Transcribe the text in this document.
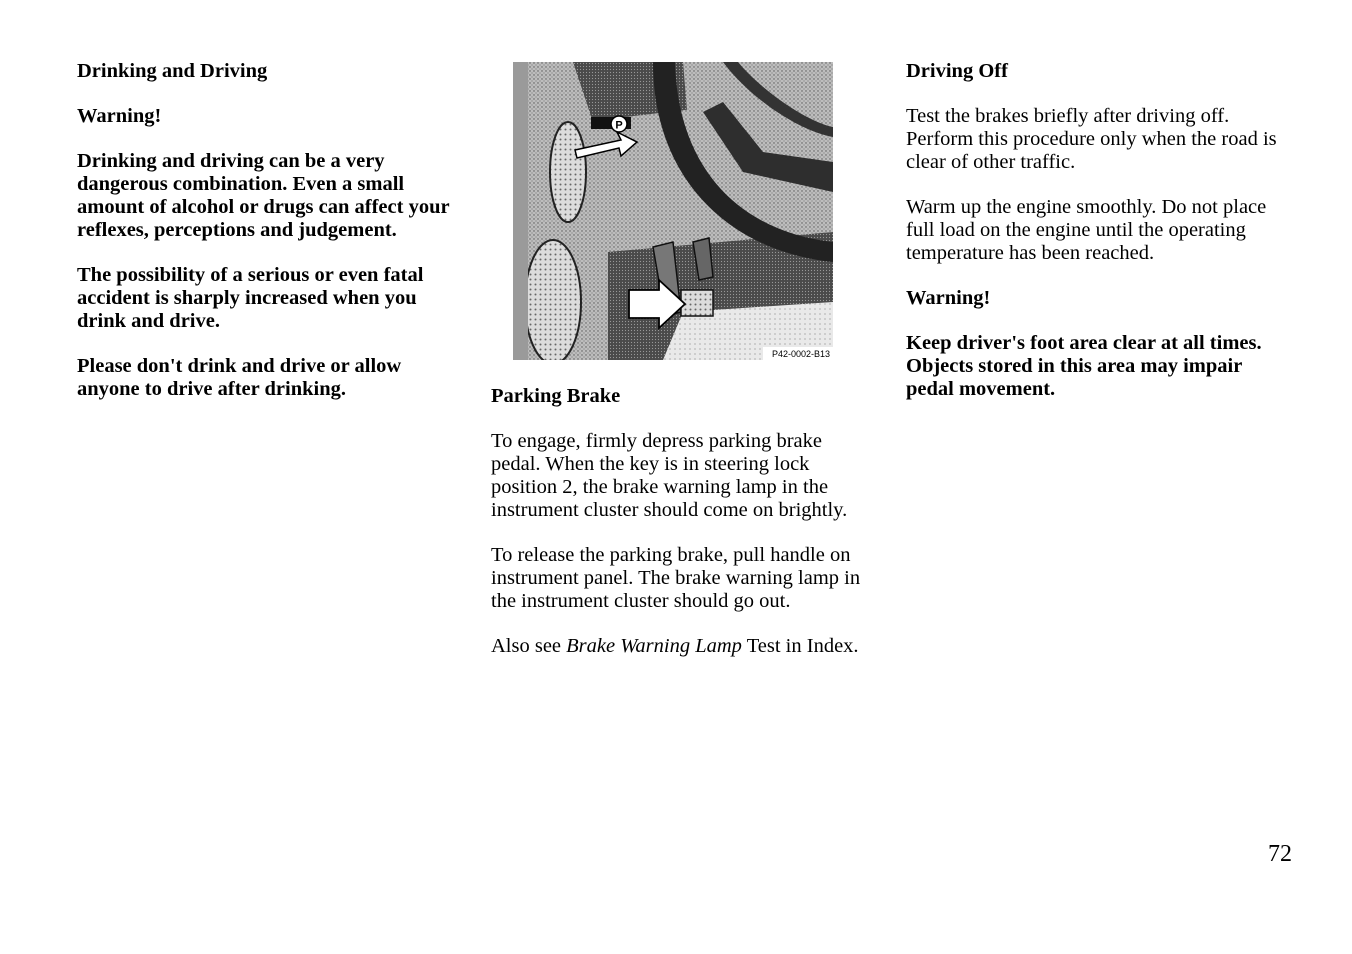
Drinking and Driving

Warning!

Drinking and driving can be a very dangerous combination. Even a small amount of alcohol or drugs can affect your reflexes, perceptions and judgement.

The possibility of a serious or even fatal accident is sharply increased when you drink and drive.

Please don't drink and drive or allow anyone to drive after drinking.

P
P42-0002-B13
Parking Brake

To engage, firmly depress parking brake pedal. When the key is in steering lock position 2, the brake warning lamp in the instrument cluster should come on brightly.

To release the parking brake, pull handle on instrument panel. The brake warning lamp in the instrument cluster should go out.

Also see Brake Warning Lamp Test in Index.

Driving Off

Test the brakes briefly after driving off. Perform this procedure only when the road is clear of other traffic.

Warm up the engine smoothly. Do not place full load on the engine until the operating temperature has been reached.

Warning!

Keep driver's foot area clear at all times. Objects stored in this area may impair pedal movement.

72
